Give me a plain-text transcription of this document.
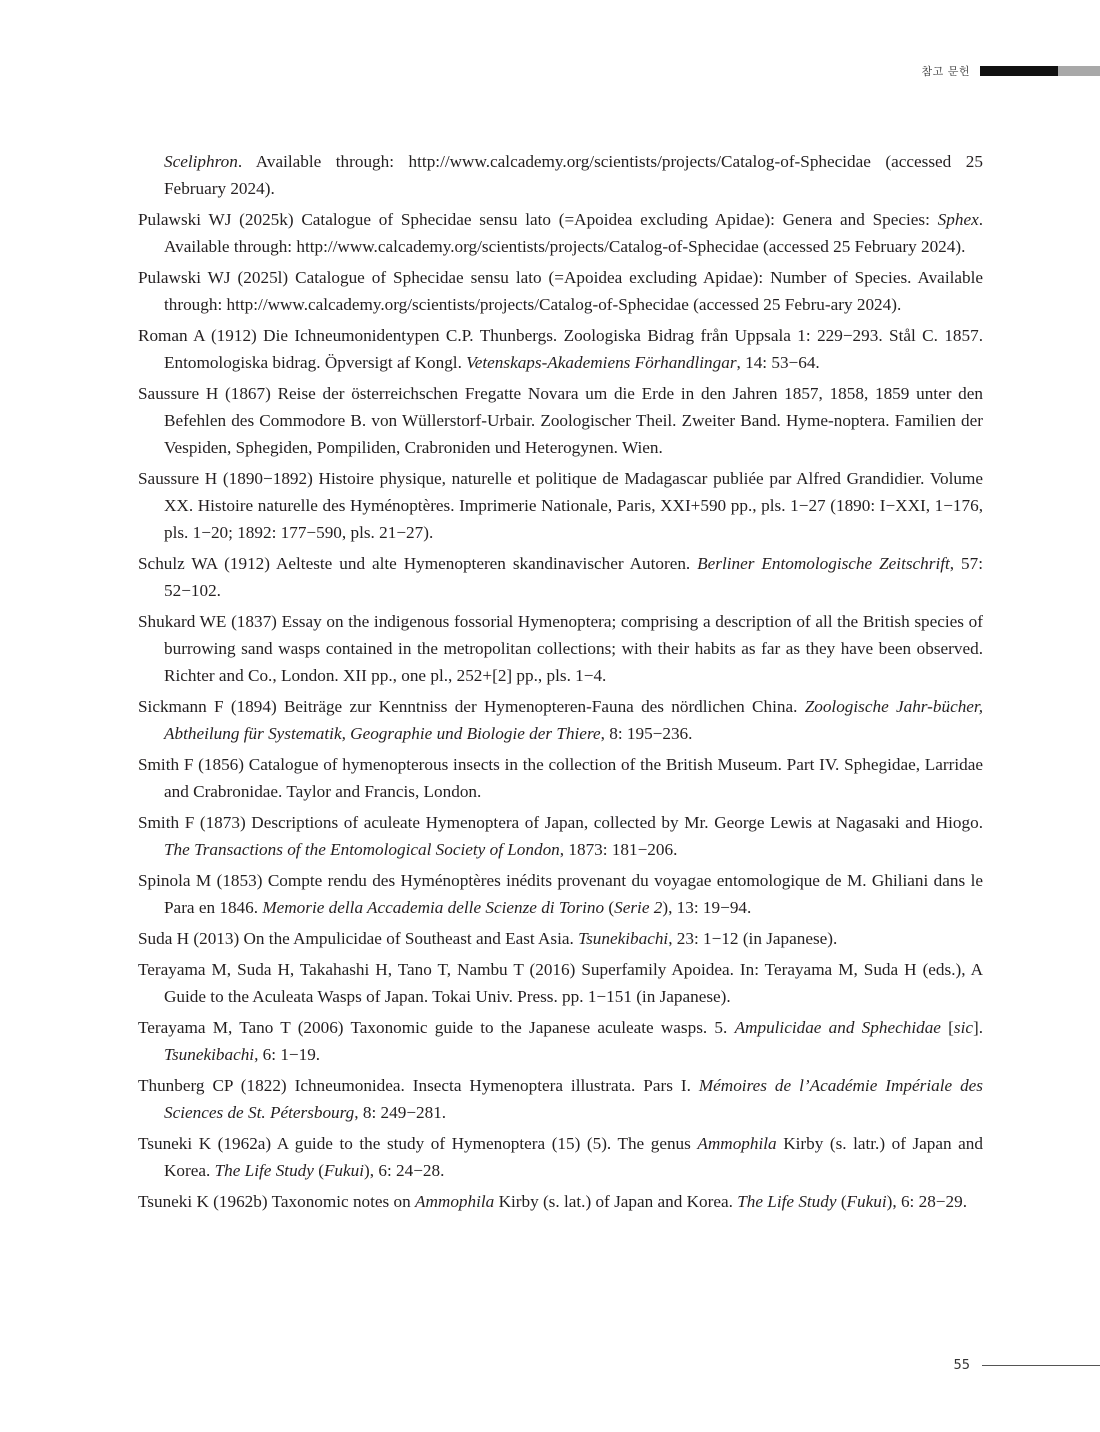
참고 문헌

Sceliphron. Available through: http://www.calcademy.org/scientists/projects/Catalog-of-Sphecidae (accessed 25 February 2024).

Pulawski WJ (2025k) Catalogue of Sphecidae sensu lato (=Apoidea excluding Apidae): Genera and Species: Sphex. Available through: http://www.calcademy.org/scientists/projects/Catalog-of-Sphecidae (accessed 25 February 2024).

Pulawski WJ (2025l) Catalogue of Sphecidae sensu lato (=Apoidea excluding Apidae): Number of Species. Available through: http://www.calcademy.org/scientists/projects/Catalog-of-Sphecidae (accessed 25 Febru-ary 2024).

Roman A (1912) Die Ichneumonidentypen C.P. Thunbergs. Zoologiska Bidrag från Uppsala 1: 229−293. Stål C. 1857. Entomologiska bidrag. Öpversigt af Kongl. Vetenskaps-Akademiens Förhandlingar, 14: 53−64.

Saussure H (1867) Reise der österreichschen Fregatte Novara um die Erde in den Jahren 1857, 1858, 1859 unter den Befehlen des Commodore B. von Wüllerstorf-Urbair. Zoologischer Theil. Zweiter Band. Hyme-noptera. Familien der Vespiden, Sphegiden, Pompiliden, Crabroniden und Heterogynen. Wien.

Saussure H (1890−1892) Histoire physique, naturelle et politique de Madagascar publiée par Alfred Grandidier. Volume XX. Histoire naturelle des Hyménoptères. Imprimerie Nationale, Paris, XXI+590 pp., pls. 1−27 (1890: I−XXI, 1−176, pls. 1−20; 1892: 177−590, pls. 21−27).

Schulz WA (1912) Aelteste und alte Hymenopteren skandinavischer Autoren. Berliner Entomologische Zeitschrift, 57: 52−102.

Shukard WE (1837) Essay on the indigenous fossorial Hymenoptera; comprising a description of all the British species of burrowing sand wasps contained in the metropolitan collections; with their habits as far as they have been observed. Richter and Co., London. XII pp., one pl., 252+[2] pp., pls. 1−4.

Sickmann F (1894) Beiträge zur Kenntniss der Hymenopteren-Fauna des nördlichen China. Zoologische Jahr-bücher, Abtheilung für Systematik, Geographie und Biologie der Thiere, 8: 195−236.

Smith F (1856) Catalogue of hymenopterous insects in the collection of the British Museum. Part IV. Sphegidae, Larridae and Crabronidae. Taylor and Francis, London.

Smith F (1873) Descriptions of aculeate Hymenoptera of Japan, collected by Mr. George Lewis at Nagasaki and Hiogo. The Transactions of the Entomological Society of London, 1873: 181−206.

Spinola M (1853) Compte rendu des Hyménoptères inédits provenant du voyagae entomologique de M. Ghiliani dans le Para en 1846. Memorie della Accademia delle Scienze di Torino (Serie 2), 13: 19−94.

Suda H (2013) On the Ampulicidae of Southeast and East Asia. Tsunekibachi, 23: 1−12 (in Japanese).

Terayama M, Suda H, Takahashi H, Tano T, Nambu T (2016) Superfamily Apoidea. In: Terayama M, Suda H (eds.), A Guide to the Aculeata Wasps of Japan. Tokai Univ. Press. pp. 1−151 (in Japanese).

Terayama M, Tano T (2006) Taxonomic guide to the Japanese aculeate wasps. 5. Ampulicidae and Sphechidae [sic]. Tsunekibachi, 6: 1−19.

Thunberg CP (1822) Ichneumonidea. Insecta Hymenoptera illustrata. Pars I. Mémoires de l’Académie Impériale des Sciences de St. Pétersbourg, 8: 249−281.

Tsuneki K (1962a) A guide to the study of Hymenoptera (15) (5). The genus Ammophila Kirby (s. latr.) of Japan and Korea. The Life Study (Fukui), 6: 24−28.

Tsuneki K (1962b) Taxonomic notes on Ammophila Kirby (s. lat.) of Japan and Korea. The Life Study (Fukui), 6: 28−29.

55
